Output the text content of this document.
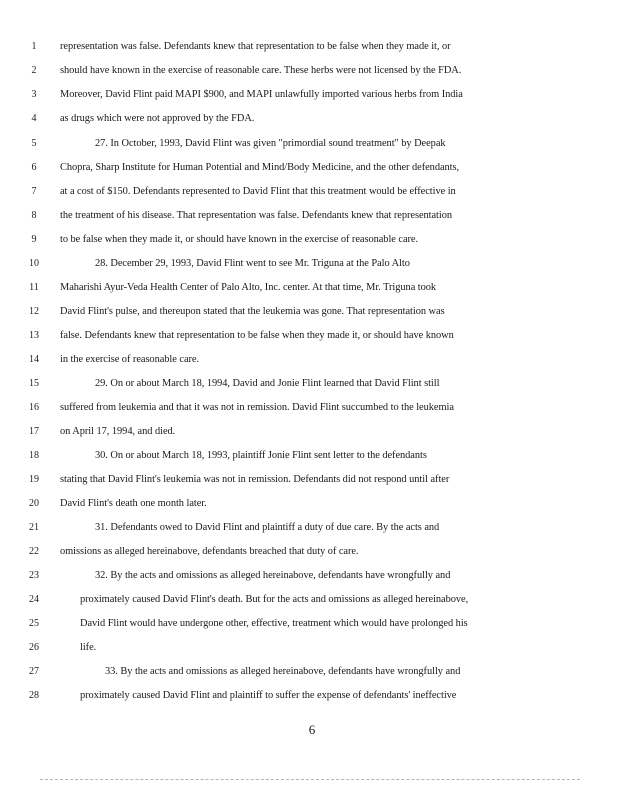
1	representation was false. Defendants knew that representation to be false when they made it, or
2	should have known in the exercise of reasonable care. These herbs were not licensed by the FDA.
3	Moreover, David Flint paid MAPI $900, and MAPI unlawfully imported various herbs from India
4	as drugs which were not approved by the FDA.
5	27. In October, 1993, David Flint was given "primordial sound treatment" by Deepak
6	Chopra, Sharp Institute for Human Potential and Mind/Body Medicine, and the other defendants,
7	at a cost of $150. Defendants represented to David Flint that this treatment would be effective in
8	the treatment of his disease. That representation was false. Defendants knew that representation
9	to be false when they made it, or should have known in the exercise of reasonable care.
10	28. December 29, 1993, David Flint went to see Mr. Triguna at the Palo Alto
11	Maharishi Ayur-Veda Health Center of Palo Alto, Inc. center. At that time, Mr. Triguna took
12 David Flint's pulse, and thereupon stated that the leukemia was gone. That representation was
13 false. Defendants knew that representation to be false when they made it, or should have known
14 in the exercise of reasonable care.
15	29. On or about March 18, 1994, David and Jonie Flint learned that David Flint still
16 suffered from leukemia and that it was not in remission. David Flint succumbed to the leukemia
17 on April 17, 1994, and died.
18	30. On or about March 18, 1993, plaintiff Jonie Flint sent letter to the defendants
19 stating that David Flint's leukemia was not in remission. Defendants did not respond until after
20 David Flint's death one month later.
21	31. Defendants owed to David Flint and plaintiff a duty of due care. By the acts and
22 omissions as alleged hereinabove, defendants breached that duty of care.
23	32. By the acts and omissions as alleged hereinabove, defendants have wrongfully and
24	proximately caused David Flint's death. But for the acts and omissions as alleged hereinabove,
25	David Flint would have undergone other, effective, treatment which would have prolonged his
26	life.
27	33. By the acts and omissions as alleged hereinabove, defendants have wrongfully and
28	proximately caused David Flint and plaintiff to suffer the expense of defendants' ineffective
6
